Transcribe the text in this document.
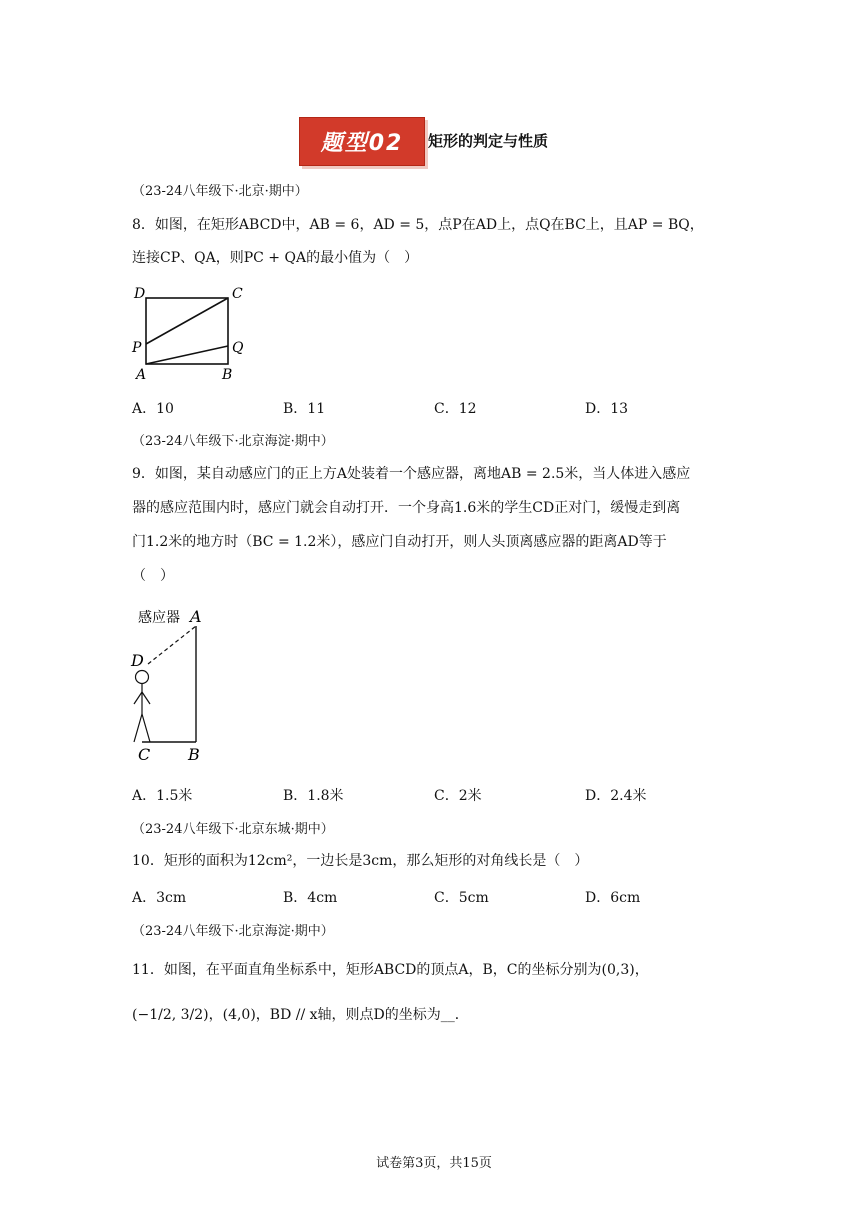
题型02	矩形的判定与性质
（23-24八年级下·北京·期中）
8．如图，在矩形ABCD中，AB = 6，AD = 5，点P在AD上，点Q在BC上，且AP = BQ，
连接CP、QA，则PC + QA的最小值为（　）
D	C
P	Q
A	B
A．10	B．11	C．12	D．13
（23-24八年级下·北京海淀·期中）
9．如图，某自动感应门的正上方A处装着一个感应器，离地AB = 2.5米，当人体进入感应
器的感应范围内时，感应门就会自动打开．一个身高1.6米的学生CD正对门，缓慢走到离
门1.2米的地方时（BC = 1.2米），感应门自动打开，则人头顶离感应器的距离AD等于
（　）
感应器 A
D
C B
A．1.5米	B．1.8米	C．2米	D．2.4米
（23-24八年级下·北京东城·期中）
10．矩形的面积为12cm²，一边长是3cm，那么矩形的对角线长是（　）
A．3cm	B．4cm	C．5cm	D．6cm
（23-24八年级下·北京海淀·期中）
11．如图，在平面直角坐标系中，矩形ABCD的顶点A，B，C的坐标分别为(0,3)，
(−1/2, 3/2)，(4,0)，BD // x轴，则点D的坐标为__．
试卷第3页，共15页
